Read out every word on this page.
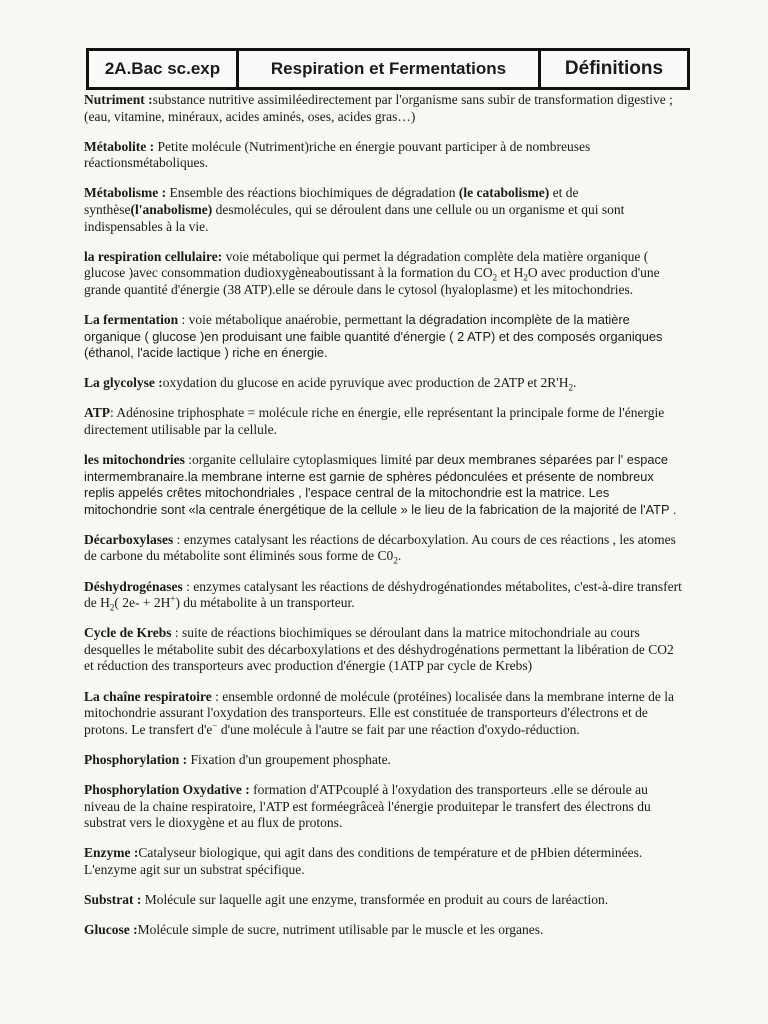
2A.Bac sc.exp	Respiration et Fermentations	Définitions

Nutriment :substance nutritive assimiléedirectement par l'organisme sans subir de transformation digestive ; (eau, vitamine, minéraux, acides aminés, oses, acides gras…)

Métabolite : Petite molécule (Nutriment)riche en énergie pouvant participer à de nombreuses réactionsmétaboliques.

Métabolisme : Ensemble des réactions biochimiques de dégradation (le catabolisme) et de synthèse(l'anabolisme) desmolécules, qui se déroulent dans une cellule ou un organisme et qui sont indispensables à la vie.

la respiration cellulaire: voie métabolique qui permet la dégradation complète dela matière organique ( glucose )avec consommation dudioxygèneaboutissant à la formation du $CO_2$ et $H_2O$ avec production d'une grande quantité d'énergie (38 ATP).elle se déroule dans le cytosol (hyaloplasme) et les mitochondries.

La fermentation : voie métabolique anaérobie, permettant la dégradation incomplète de la matière organique ( glucose )en produisant une faible quantité d'énergie ( 2 ATP) et des composés organiques (éthanol, l'acide lactique ) riche en énergie.

La glycolyse :oxydation du glucose en acide pyruvique avec production de 2ATP et $2R'H_2$.

ATP: Adénosine triphosphate = molécule riche en énergie, elle représentant la principale forme de l'énergie directement utilisable par la cellule.

les mitochondries :organite cellulaire cytoplasmiques limité par deux membranes séparées par l' espace intermembranaire.la membrane interne est garnie de sphères pédonculées et présente de nombreux replis appelés crêtes mitochondriales , l'espace central de la mitochondrie est la matrice. Les mitochondrie sont «la centrale énergétique de la cellule » le lieu de la fabrication de la majorité de l'ATP .

Décarboxylases : enzymes catalysant les réactions de décarboxylation. Au cours de ces réactions , les atomes de carbone du métabolite sont éliminés sous forme de $C0_2$.

Déshydrogénases : enzymes catalysant les réactions de déshydrogénationdes métabolites, c'est-à-dire transfert de $H_2$( 2e- + 2H+) du métabolite à un transporteur.

Cycle de Krebs : suite de réactions biochimiques se déroulant dans la matrice mitochondriale au cours desquelles le métabolite subit des décarboxylations et des déshydrogénations permettant la libération de CO2 et réduction des transporteurs avec production d'énergie (1ATP par cycle de Krebs)

La chaîne respiratoire : ensemble ordonné de molécule (protéines) localisée dans la membrane interne de la mitochondrie assurant l'oxydation des transporteurs. Elle est constituée de transporteurs d'électrons et de protons. Le transfert d'e− d'une molécule à l'autre se fait par une réaction d'oxydo-réduction.

Phosphorylation : Fixation d'un groupement phosphate.

Phosphorylation Oxydative : formation d'ATPcouplé à l'oxydation des transporteurs .elle se déroule au niveau de la chaine respiratoire, l'ATP est forméegrâceà l'énergie produitepar le transfert des électrons du substrat vers le dioxygène et au flux de protons.

Enzyme :Catalyseur biologique, qui agit dans des conditions de température et de pHbien déterminées. L'enzyme agit sur un substrat spécifique.

Substrat : Molécule sur laquelle agit une enzyme, transformée en produit au cours de laréaction.

Glucose :Molécule simple de sucre, nutriment utilisable par le muscle et les organes.
